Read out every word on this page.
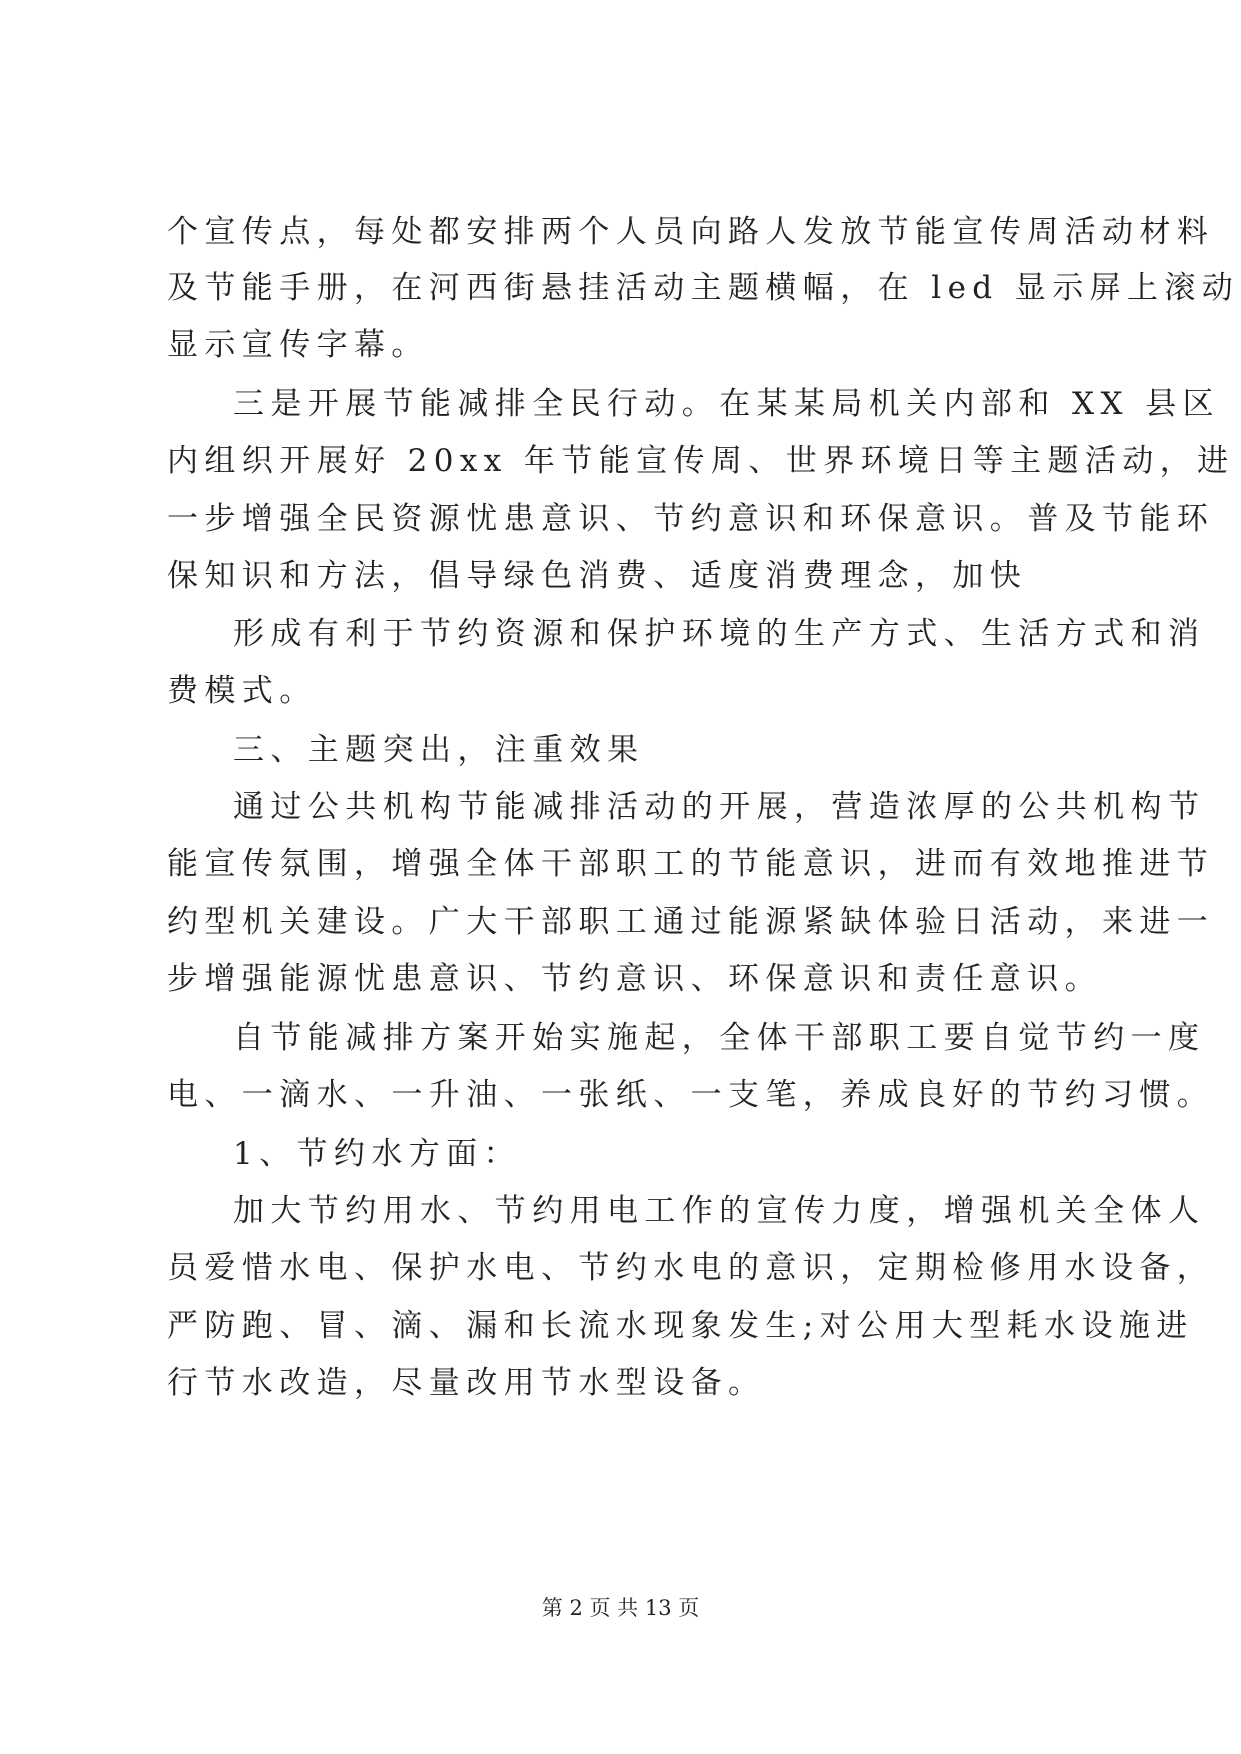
个宣传点，每处都安排两个人员向路人发放节能宣传周活动材料
及节能手册，在河西街悬挂活动主题横幅，在 led 显示屏上滚动
显示宣传字幕。
三是开展节能减排全民行动。在某某局机关内部和 XX 县区
内组织开展好 20xx 年节能宣传周、世界环境日等主题活动，进
一步增强全民资源忧患意识、节约意识和环保意识。普及节能环
保知识和方法，倡导绿色消费、适度消费理念，加快
形成有利于节约资源和保护环境的生产方式、生活方式和消
费模式。
三、主题突出，注重效果
通过公共机构节能减排活动的开展，营造浓厚的公共机构节
能宣传氛围，增强全体干部职工的节能意识，进而有效地推进节
约型机关建设。广大干部职工通过能源紧缺体验日活动，来进一
步增强能源忧患意识、节约意识、环保意识和责任意识。
自节能减排方案开始实施起，全体干部职工要自觉节约一度
电、一滴水、一升油、一张纸、一支笔，养成良好的节约习惯。
1、节约水方面：
加大节约用水、节约用电工作的宣传力度，增强机关全体人
员爱惜水电、保护水电、节约水电的意识，定期检修用水设备，
严防跑、冒、滴、漏和长流水现象发生;对公用大型耗水设施进
行节水改造，尽量改用节水型设备。
第 2 页 共 13 页
